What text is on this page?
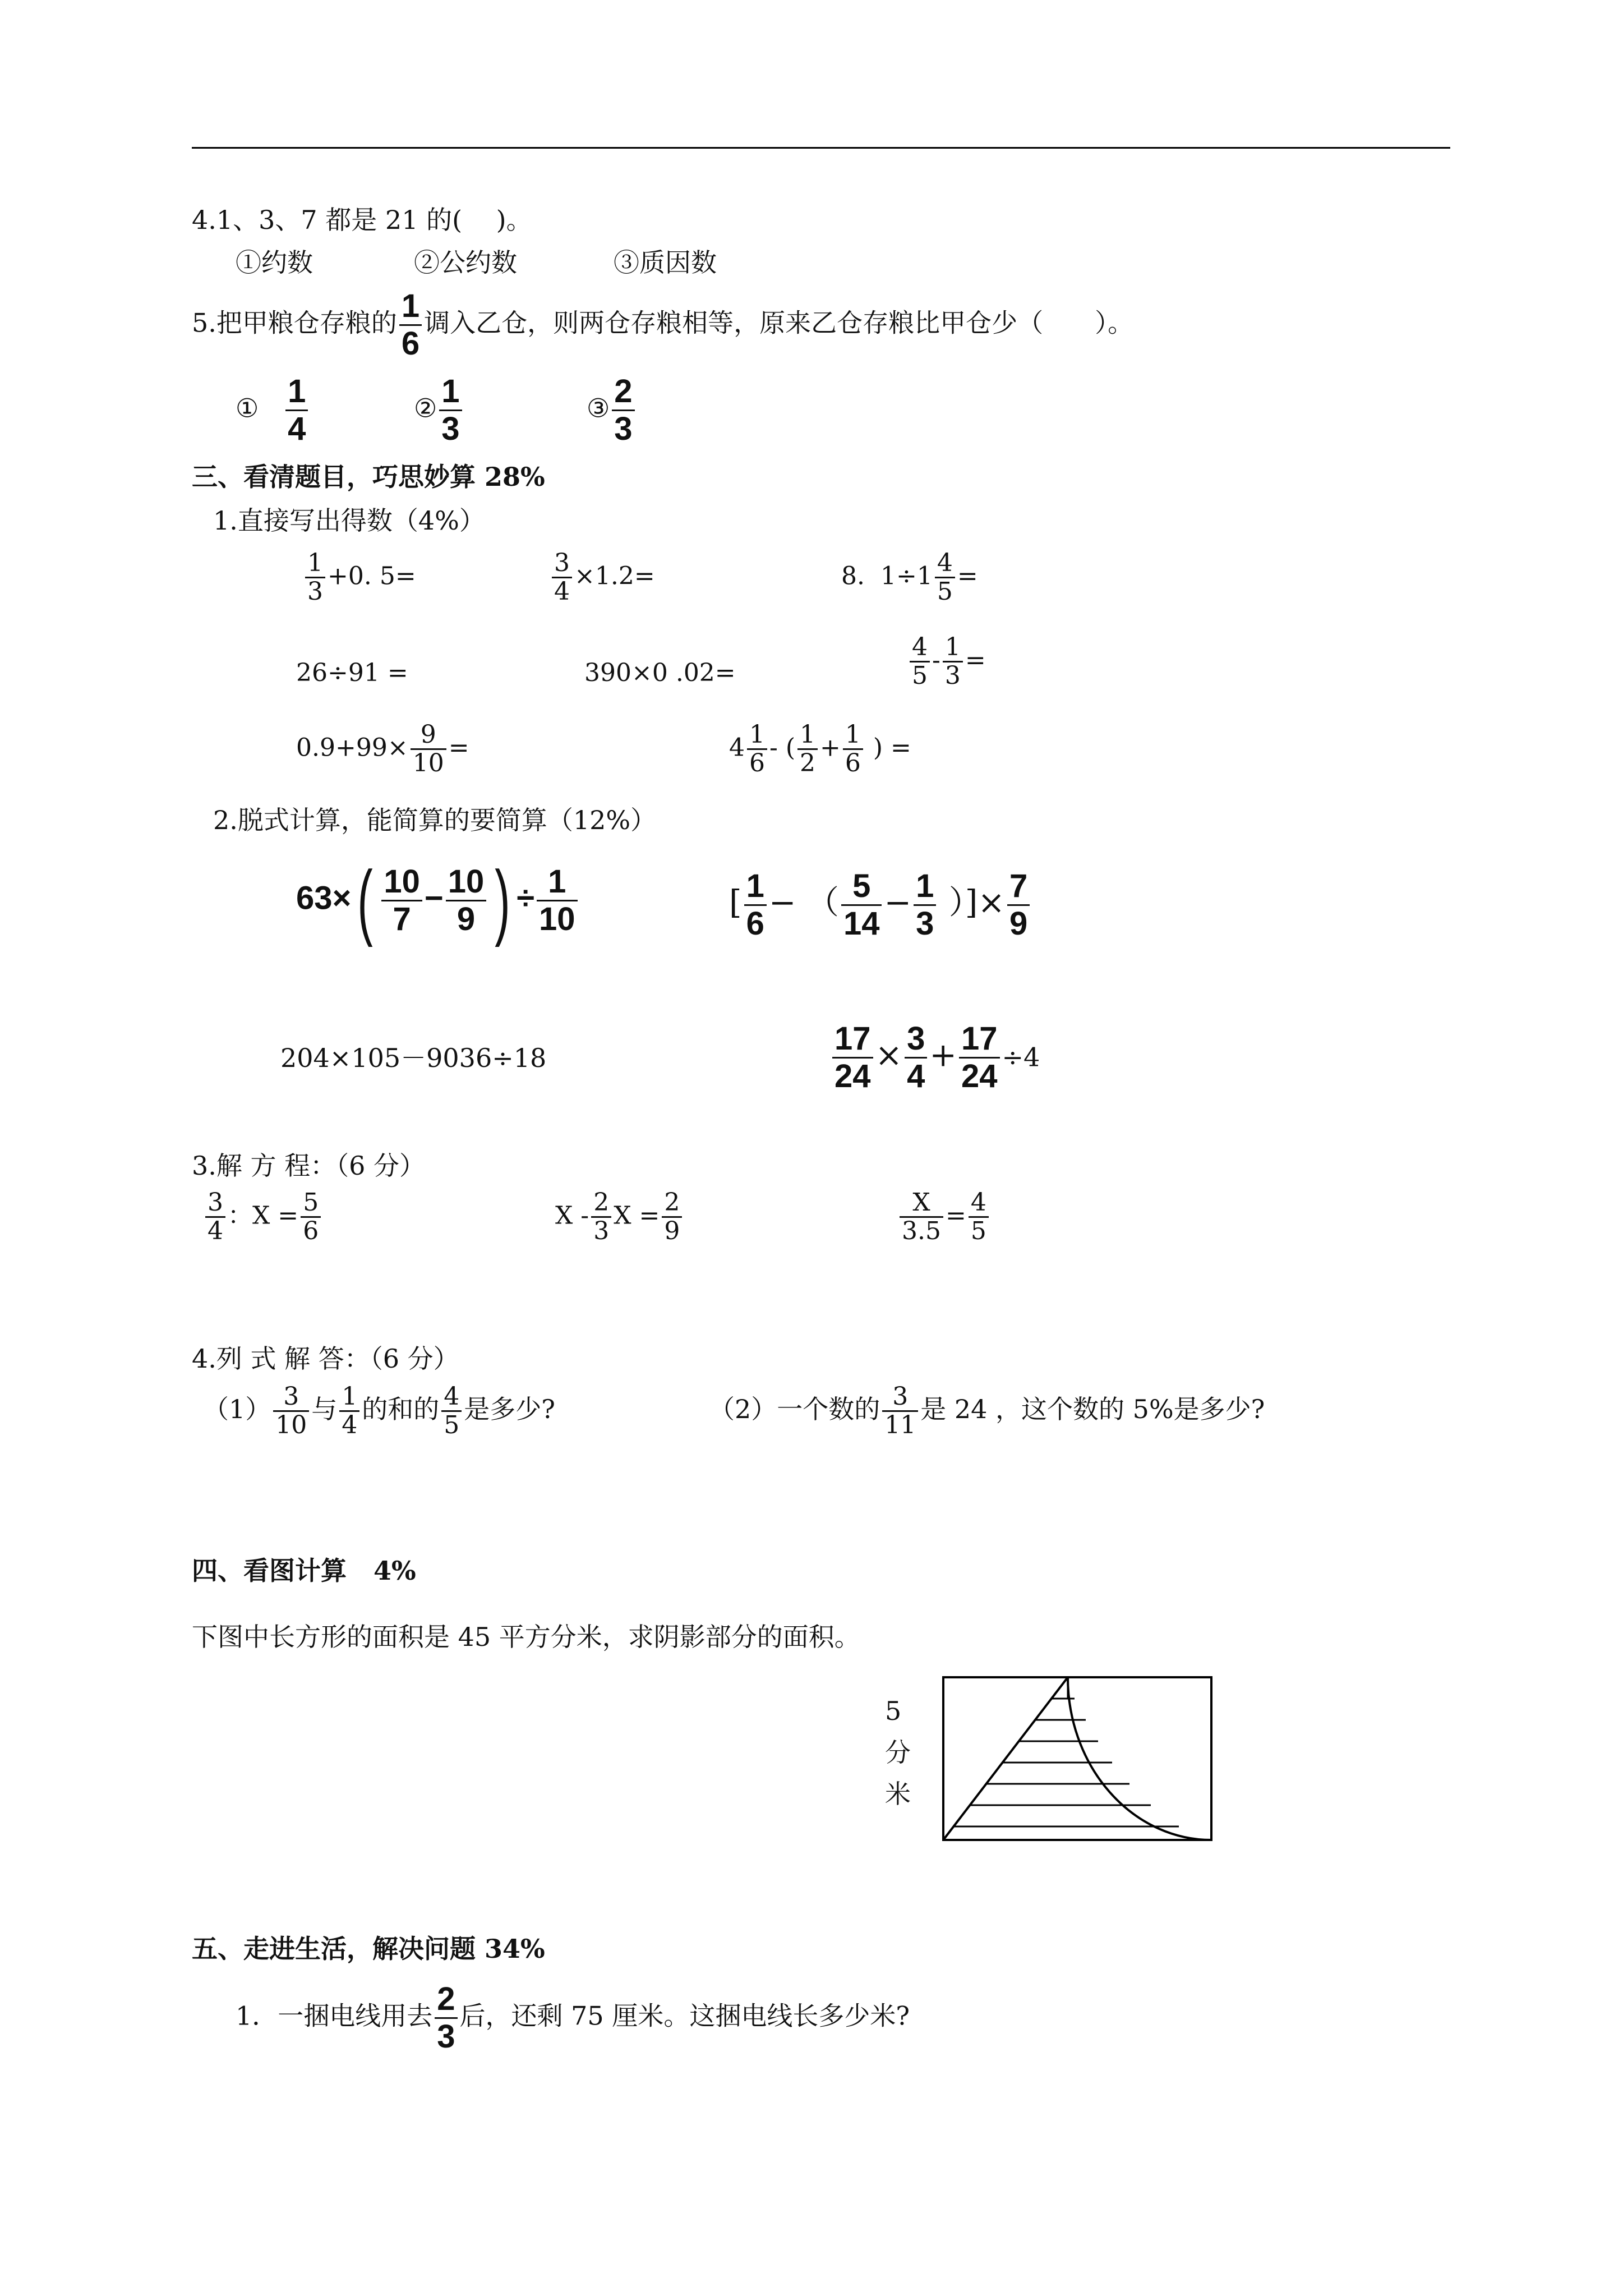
4.1、3、7 都是 21 的(　 )。
①约数	②公约数	③质因数
5.把甲粮仓存粮的 $\frac{1}{6}$ 调入乙仓，则两仓存粮相等，原来乙仓存粮比甲仓少（　　）。
① $\frac{1}{4}$	② $\frac{1}{3}$	③ $\frac{2}{3}$
三、看清题目，巧思妙算 28%
1.直接写出得数（4%）
$\frac{1}{3} +0$. 5=	$\frac{3}{4} \times 1.2=$	8.  $1\div 1 \frac{4}{5}$ =
26÷91 =	390×0 .02=	$\frac{4}{5} - \frac{1}{3}$ =
$0.9+99\times \frac{9}{10}$ =	$4 \frac{1}{6}$ - ( $\frac{1}{2} + \frac{1}{6}$ ) =
2.脱式计算，能简算的要简算（12%）
$63\times( \frac{10}{7} - \frac{10}{9}$ ) ÷ $\frac{1}{10}$	[ $\frac{1}{6}$ − （ $\frac{5}{14} - \frac{1}{3}$ ）]× $\frac{7}{9}$
204×105－9036÷18	$\frac{17}{24} \times \frac{3}{4} + \frac{17}{24} \div 4$
3.解 方 程：（6 分）
$\frac{3}{4}$ ：$X = \frac{5}{6}$	X - $\frac{2}{3}$ $X = \frac{2}{9}$	$\frac{X}{3.5} = \frac{4}{5}$
4.列 式 解 答：（6 分）
$(1) \frac{3}{10}$ 与 $\frac{1}{4}$ 的和的 $\frac{4}{5}$ 是多少?	（2）一个数的 $\frac{3}{11}$ 是 24 ，这个数的 5%是多少?
四、看图计算   4%
下图中长方形的面积是 45 平方分米，求阴影部分的面积。
5
分
米
五、走进生活，解决问题 34%
1．一捆电线用去 $\frac{2}{3}$ 后，还剩 75 厘米。这捆电线长多少米?
